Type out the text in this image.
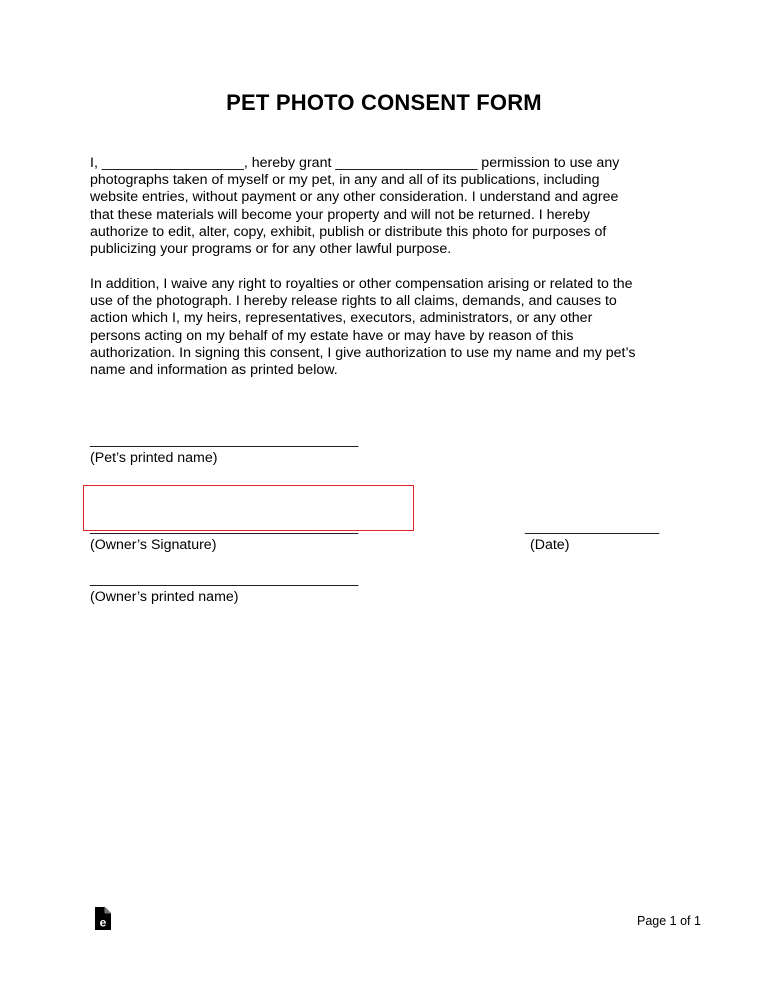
PET PHOTO CONSENT FORM
I, __________________, hereby grant __________________ permission to use any
photographs taken of myself or my pet, in any and all of its publications, including
website entries, without payment or any other consideration. I understand and agree
that these materials will become your property and will not be returned. I hereby
authorize to edit, alter, copy, exhibit, publish or distribute this photo for purposes of
publicizing your programs or for any other lawful purpose.
In addition, I waive any right to royalties or other compensation arising or related to the
use of the photograph. I hereby release rights to all claims, demands, and causes to
action which I, my heirs, representatives, executors, administrators, or any other
persons acting on my behalf of my estate have or may have by reason of this
authorization. In signing this consent, I give authorization to use my name and my pet’s
name and information as printed below.
__________________________________
(Pet’s printed name)
__________________________________
(Owner’s Signature)
_________________
(Date)
__________________________________
(Owner’s printed name)
e	Page 1 of 1
